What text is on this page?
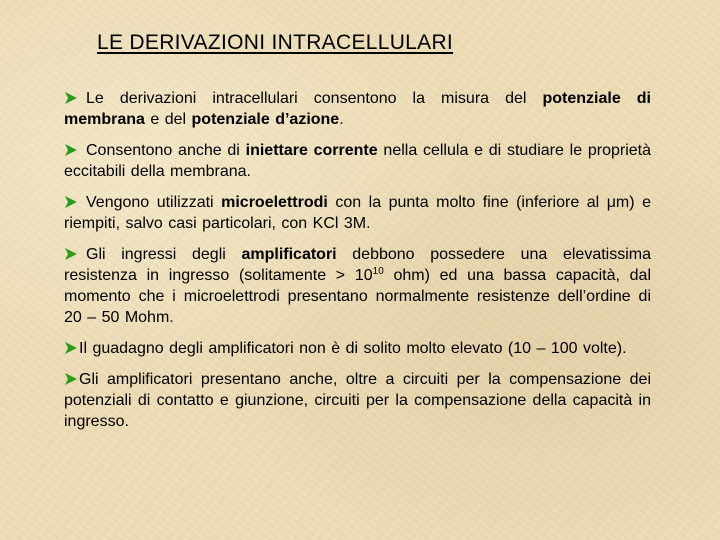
LE DERIVAZIONI INTRACELLULARI
Le derivazioni intracellulari consentono la misura del potenziale di membrana e del potenziale d’azione.
Consentono anche di iniettare corrente nella cellula e di studiare le proprietà eccitabili della membrana.
Vengono utilizzati microelettrodi con la punta molto fine (inferiore al μm) e riempiti, salvo casi particolari, con KCl 3M.
Gli ingressi degli amplificatori debbono possedere una elevatissima resistenza in ingresso (solitamente > $10^{10}$ ohm) ed una bassa capacità, dal momento che i microelettrodi presentano normalmente resistenze dell’ordine di 20 – 50 Mohm.
Il guadagno degli amplificatori non è di solito molto elevato (10 – 100 volte).
Gli amplificatori presentano anche, oltre a circuiti per la compensazione dei potenziali di contatto e giunzione, circuiti per la compensazione della capacità in ingresso.
